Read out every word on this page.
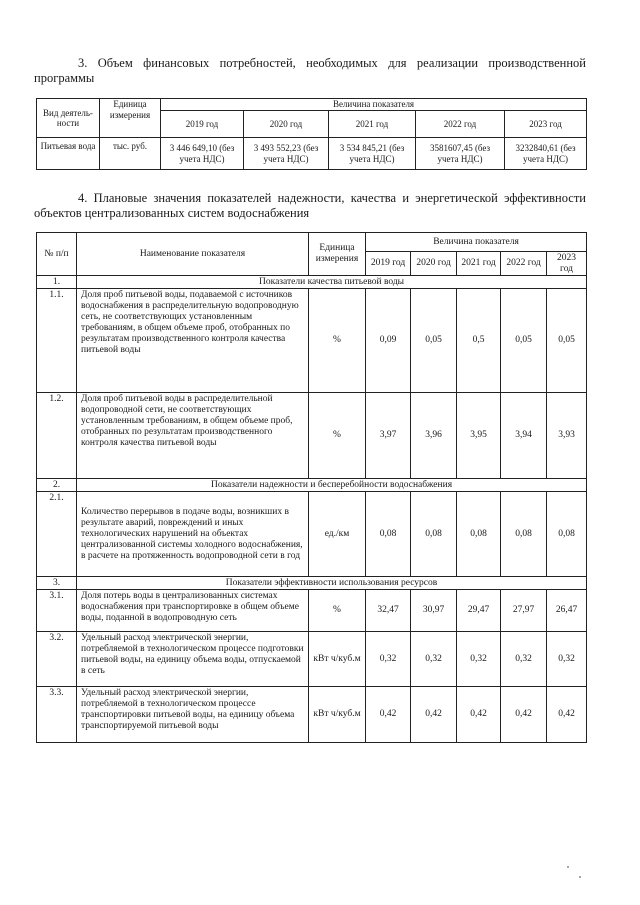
3. Объем финансовых потребностей, необходимых для реализации производственной
программы
Вид деятель-ности	Единица измерения	Величина показателя				
		2019 год	2020 год	2021 год	2022 год	2023 год
Питьевая вода	тыс. руб.	3 446 649,10 (без учета НДС)	3 493 552,23 (без учета НДС)	3 534 845,21 (без учета НДС)	3581607,45 (без учета НДС)	3232840,61 (без учета НДС)
4. Плановые значения показателей надежности, качества и энергетической эффективности
объектов централизованных систем водоснабжения
№ п/п	Наименование показателя	Единица измерения	Величина показателя				
			2019 год	2020 год	2021 год	2022 год	2023 год
1.	Показатели качества питьевой воды						
1.1.	Доля проб питьевой воды, подаваемой с источников водоснабжения в распределительную водопроводную сеть, не соответствующих установленным требованиям, в общем объеме проб, отобранных по результатам производственного контроля качества питьевой воды	%	0,09	0,05	0,5	0,05	0,05
1.2.	Доля проб питьевой воды в распределительной водопроводной сети, не соответствующих установленным требованиям, в общем объеме проб, отобранных по результатам производственного контроля качества питьевой воды	%	3,97	3,96	3,95	3,94	3,93
2.	Показатели надежности и бесперебойности водоснабжения						
2.1.	Количество перерывов в подаче воды, возникших в результате аварий, повреждений и иных технологических нарушений на объектах централизованной системы холодного водоснабжения, в расчете на протяженность водопроводной сети в год	ед./км	0,08	0,08	0,08	0,08	0,08
3.	Показатели эффективности использования ресурсов						
3.1.	Доля потерь воды в централизованных системах водоснабжения при транспортировке в общем объеме воды, поданной в водопроводную сеть	%	32,47	30,97	29,47	27,97	26,47
3.2.	Удельный расход электрической энергии, потребляемой в технологическом процессе подготовки питьевой воды, на единицу объема воды, отпускаемой в сеть	кВт ч/куб.м	0,32	0,32	0,32	0,32	0,32
3.3.	Удельный расход электрической энергии, потребляемой в технологическом процессе транспортировки питьевой воды, на единицу объема транспортируемой питьевой воды	кВт ч/куб.м	0,42	0,42	0,42	0,42	0,42
